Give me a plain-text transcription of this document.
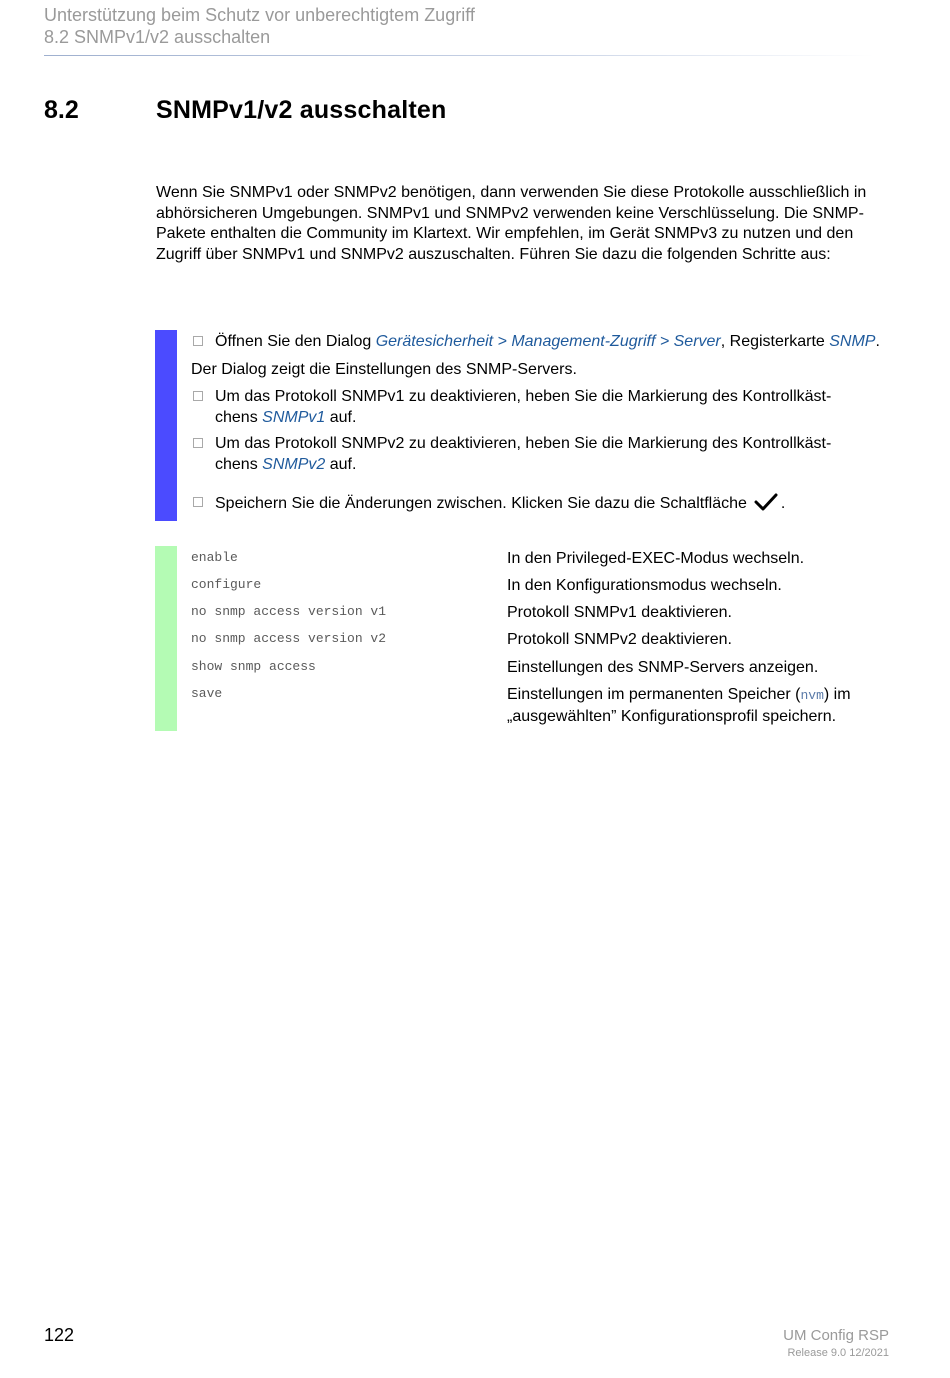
Unterstützung beim Schutz vor unberechtigtem Zugriff
8.2 SNMPv1/v2 ausschalten
8.2	SNMPv1/v2 ausschalten
Wenn Sie SNMPv1 oder SNMPv2 benötigen, dann verwenden Sie diese Protokolle ausschließlich in abhörsicheren Umgebungen. SNMPv1 und SNMPv2 verwenden keine Verschlüsselung. Die SNMP-Pakete enthalten die Community im Klartext. Wir empfehlen, im Gerät SNMPv3 zu nutzen und den Zugriff über SNMPv1 und SNMPv2 auszuschalten. Führen Sie dazu die folgenden Schritte aus:
Öffnen Sie den Dialog Gerätesicherheit > Management-Zugriff > Server, Registerkarte SNMP.
Der Dialog zeigt die Einstellungen des SNMP-Servers.
Um das Protokoll SNMPv1 zu deaktivieren, heben Sie die Markierung des Kontrollkäst-
chens SNMPv1 auf.
Um das Protokoll SNMPv2 zu deaktivieren, heben Sie die Markierung des Kontrollkäst-
chens SNMPv2 auf.
Speichern Sie die Änderungen zwischen. Klicken Sie dazu die Schaltfläche .
enable	In den Privileged-EXEC-Modus wechseln.
configure	In den Konfigurationsmodus wechseln.
no snmp access version v1	Protokoll SNMPv1 deaktivieren.
no snmp access version v2	Protokoll SNMPv2 deaktivieren.
show snmp access	Einstellungen des SNMP-Servers anzeigen.
save	Einstellungen im permanenten Speicher (nvm) im „ausgewählten” Konfigurationsprofil speichern.
122	UM Config RSP
Release 9.0 12/2021
